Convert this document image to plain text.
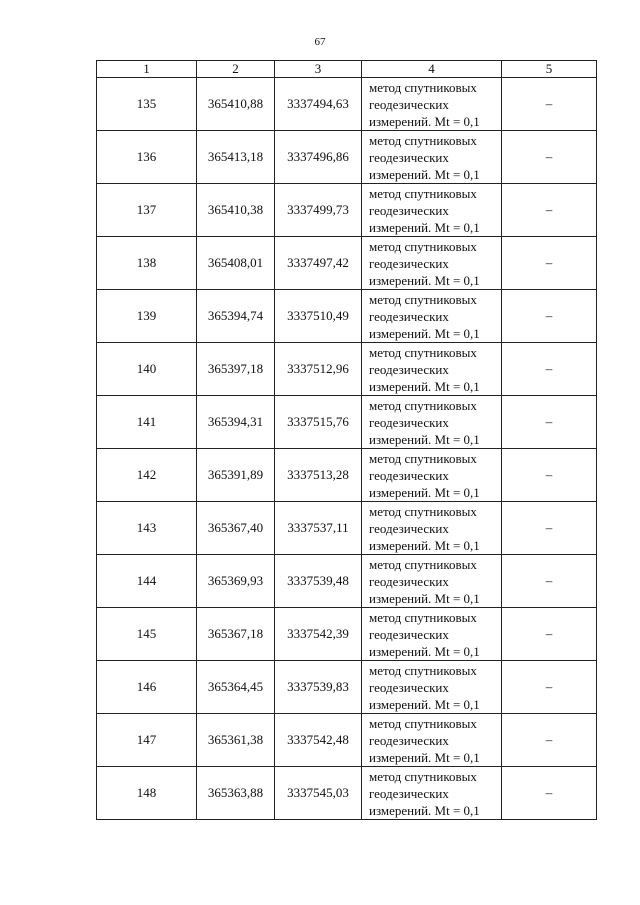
67
1	2	3	4	5
135	365410,88	3337494,63	метод спутниковых
геодезических
измерений. Mt = 0,1	–
136	365413,18	3337496,86	метод спутниковых
геодезических
измерений. Mt = 0,1	–
137	365410,38	3337499,73	метод спутниковых
геодезических
измерений. Mt = 0,1	–
138	365408,01	3337497,42	метод спутниковых
геодезических
измерений. Mt = 0,1	–
139	365394,74	3337510,49	метод спутниковых
геодезических
измерений. Mt = 0,1	–
140	365397,18	3337512,96	метод спутниковых
геодезических
измерений. Mt = 0,1	–
141	365394,31	3337515,76	метод спутниковых
геодезических
измерений. Mt = 0,1	–
142	365391,89	3337513,28	метод спутниковых
геодезических
измерений. Mt = 0,1	–
143	365367,40	3337537,11	метод спутниковых
геодезических
измерений. Mt = 0,1	–
144	365369,93	3337539,48	метод спутниковых
геодезических
измерений. Mt = 0,1	–
145	365367,18	3337542,39	метод спутниковых
геодезических
измерений. Mt = 0,1	–
146	365364,45	3337539,83	метод спутниковых
геодезических
измерений. Mt = 0,1	–
147	365361,38	3337542,48	метод спутниковых
геодезических
измерений. Mt = 0,1	–
148	365363,88	3337545,03	метод спутниковых
геодезических
измерений. Mt = 0,1	–
